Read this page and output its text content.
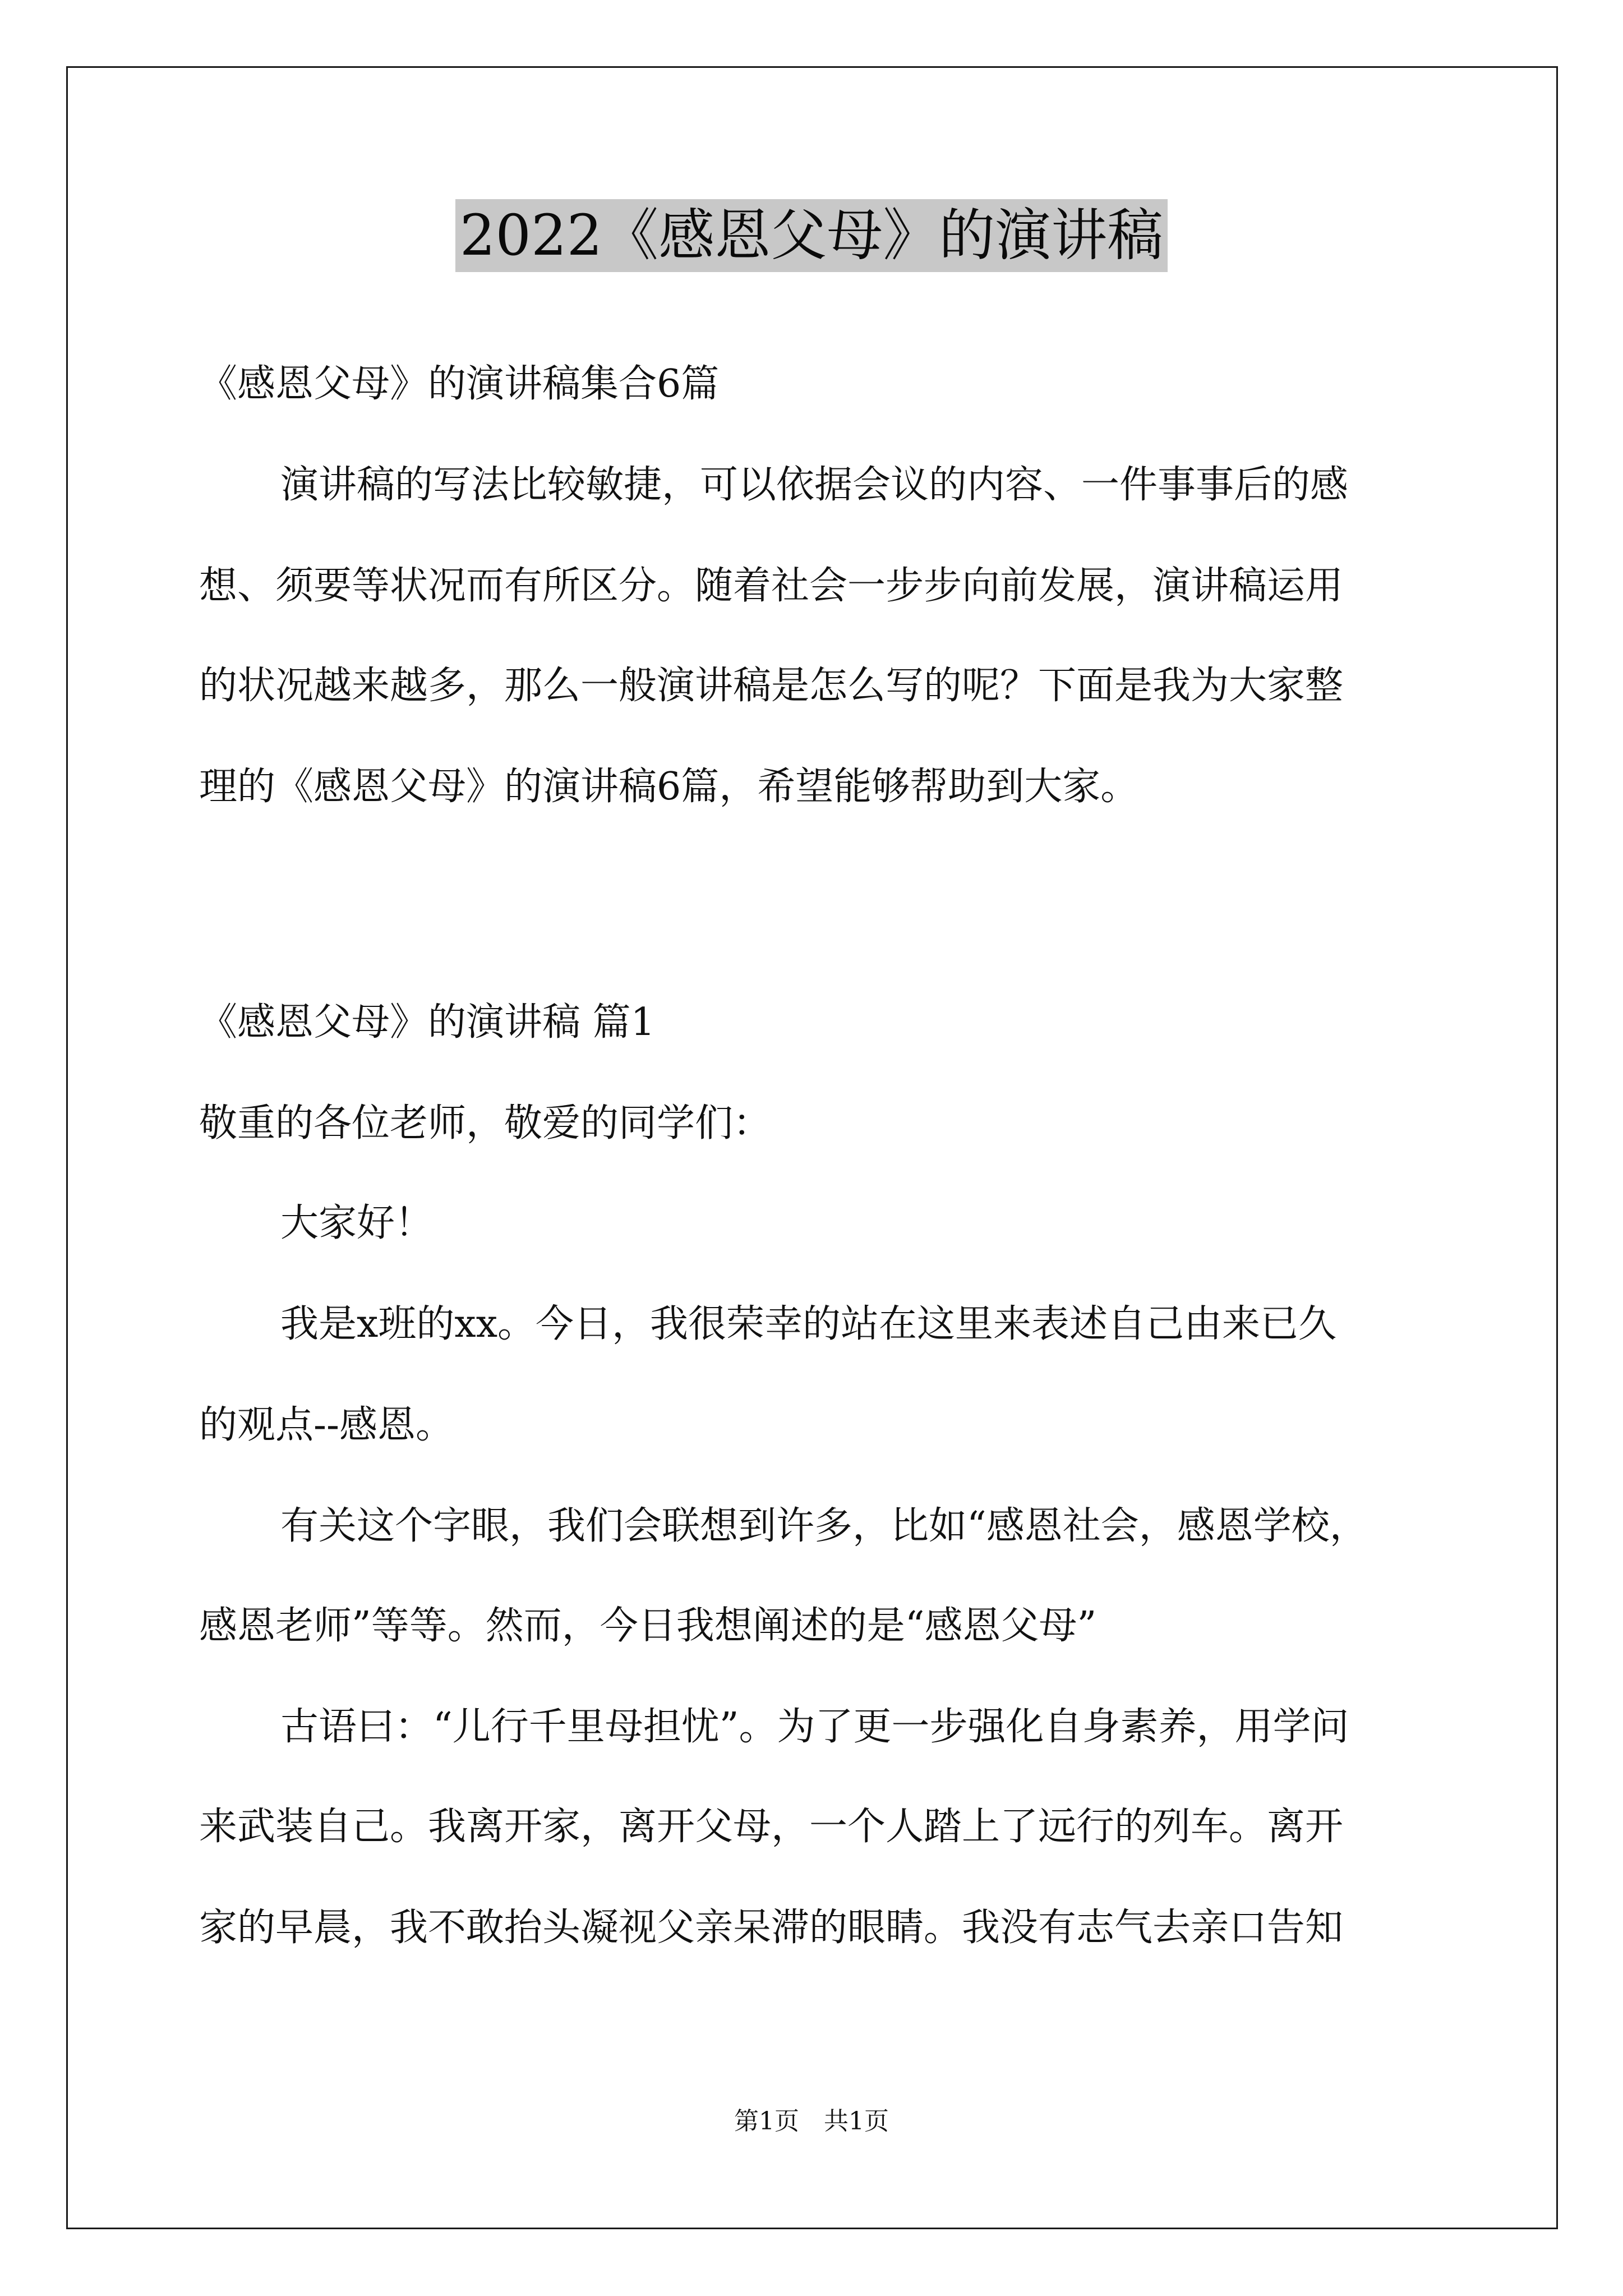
2022《感恩父母》的演讲稿
《感恩父母》的演讲稿集合6篇
演讲稿的写法比较敏捷，可以依据会议的内容、一件事事后的感
想、须要等状况而有所区分。随着社会一步步向前发展，演讲稿运用
的状况越来越多，那么一般演讲稿是怎么写的呢？下面是我为大家整
理的《感恩父母》的演讲稿6篇，希望能够帮助到大家。
《感恩父母》的演讲稿 篇1
敬重的各位老师，敬爱的同学们：
大家好！
我是x班的xx。今日，我很荣幸的站在这里来表述自己由来已久
的观点--感恩。
有关这个字眼，我们会联想到许多，比如“感恩社会，感恩学校，
感恩老师”等等。然而，今日我想阐述的是“感恩父母”
古语曰：“儿行千里母担忧”。为了更一步强化自身素养，用学问
来武装自己。我离开家，离开父母，一个人踏上了远行的列车。离开
家的早晨，我不敢抬头凝视父亲呆滞的眼睛。我没有志气去亲口告知
第1页　共1页
